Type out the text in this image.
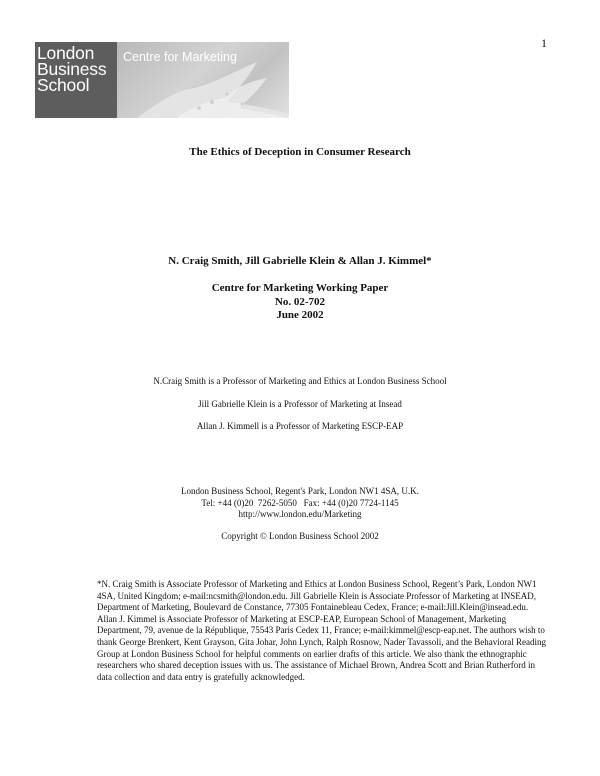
1
London
Business
School
Centre for Marketing
The Ethics of Deception in Consumer Research
N. Craig Smith, Jill Gabrielle Klein & Allan J. Kimmel*
Centre for Marketing Working Paper
No. 02-702
June 2002
N.Craig Smith is a Professor of Marketing and Ethics at London Business School
Jill Gabrielle Klein is a Professor of Marketing at Insead
Allan J. Kimmell is a Professor of Marketing ESCP-EAP
London Business School, Regent's Park, London NW1 4SA, U.K.
Tel: +44 (0)20  7262-5050   Fax: +44 (0)20 7724-1145
http://www.london.edu/Marketing
Copyright © London Business School 2002
*N. Craig Smith is Associate Professor of Marketing and Ethics at London Business School, Regent’s Park, London NW1 4SA, United Kingdom; e-mail:ncsmith@london.edu. Jill Gabrielle Klein is Associate Professor of Marketing at INSEAD, Department of Marketing, Boulevard de Constance, 77305 Fontainebleau Cedex, France; e-mail:Jill.Klein@insead.edu. Allan J. Kimmel is Associate Professor of Marketing at ESCP-EAP, European School of Management, Marketing Department, 79, avenue de la République, 75543 Paris Cedex 11, France; e-mail:kimmel@escp-eap.net. The authors wish to thank George Brenkert, Kent Grayson, Gita Johar, John Lynch, Ralph Rosnow, Nader Tavassoli, and the Behavioral Reading Group at London Business School for helpful comments on earlier drafts of this article. We also thank the ethnographic researchers who shared deception issues with us. The assistance of Michael Brown, Andrea Scott and Brian Rutherford in data collection and data entry is gratefully acknowledged.
